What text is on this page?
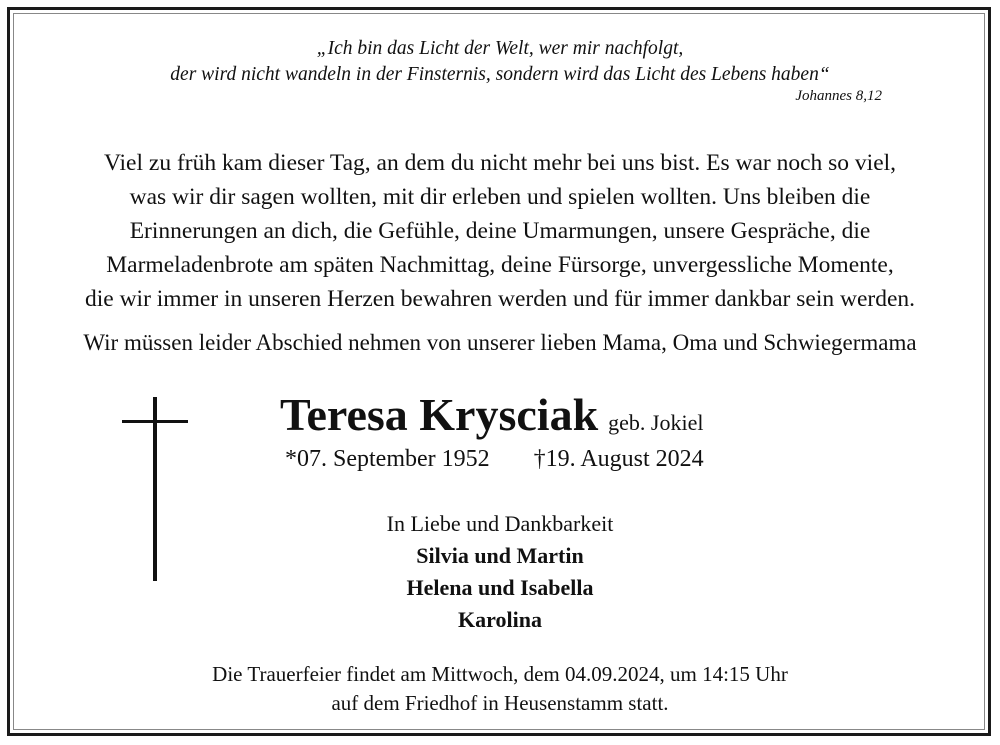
„Ich bin das Licht der Welt, wer mir nachfolgt,
der wird nicht wandeln in der Finsternis, sondern wird das Licht des Lebens haben“
Johannes 8,12
Viel zu früh kam dieser Tag, an dem du nicht mehr bei uns bist. Es war noch so viel,
was wir dir sagen wollten, mit dir erleben und spielen wollten. Uns bleiben die
Erinnerungen an dich, die Gefühle, deine Umarmungen, unsere Gespräche, die
Marmeladenbrote am späten Nachmittag, deine Fürsorge, unvergessliche Momente,
die wir immer in unseren Herzen bewahren werden und für immer dankbar sein werden.
Wir müssen leider Abschied nehmen von unserer lieben Mama, Oma und Schwiegermama
Teresa Krysciak geb. Jokiel
*07. September 1952 †19. August 2024
In Liebe und Dankbarkeit
Silvia und Martin
Helena und Isabella
Karolina
Die Trauerfeier findet am Mittwoch, dem 04.09.2024, um 14:15 Uhr
auf dem Friedhof in Heusenstamm statt.
